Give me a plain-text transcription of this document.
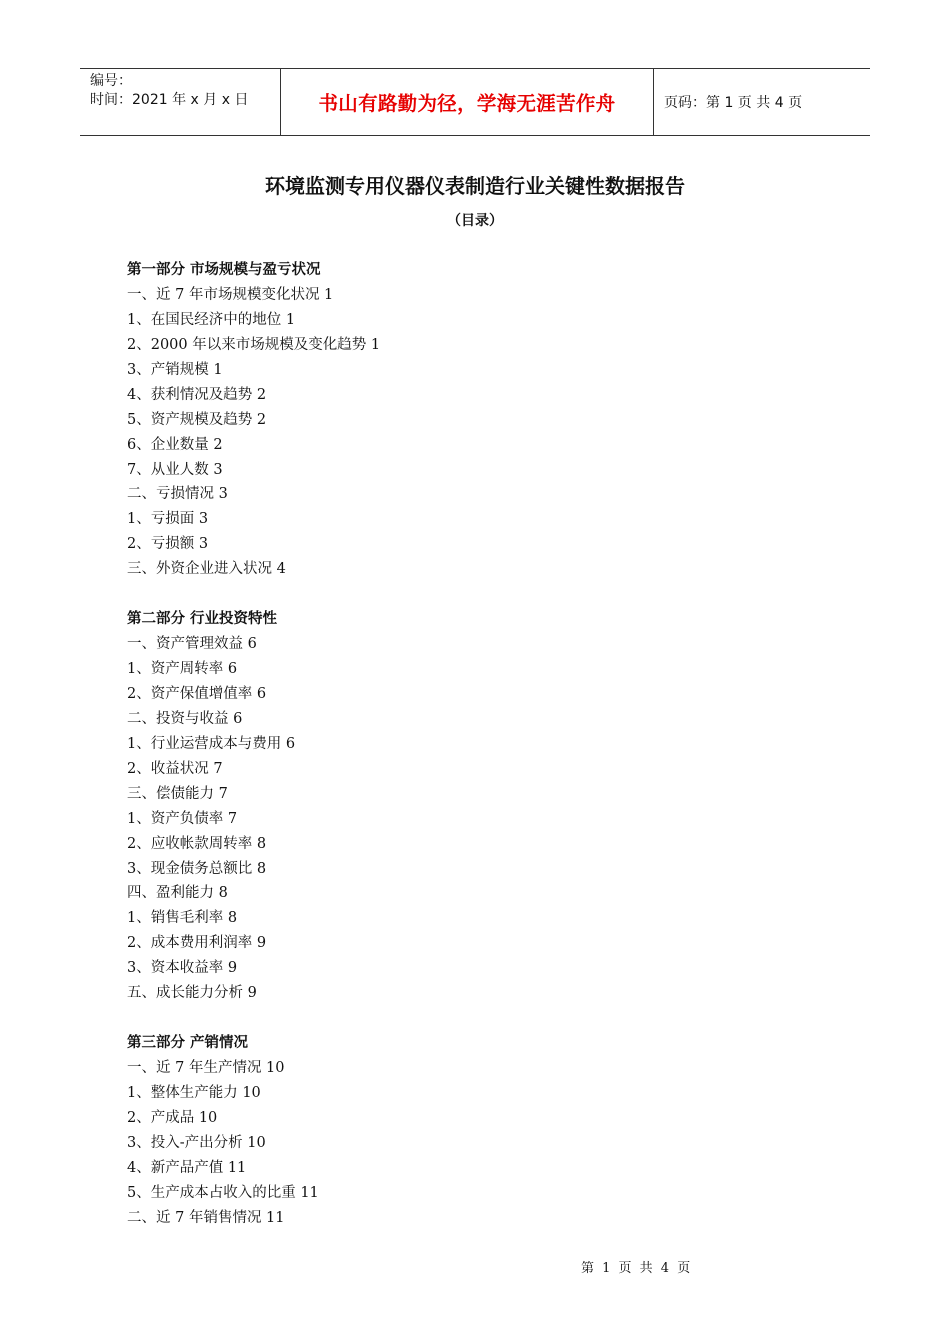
编号：
时间：2021 年 x 月 x 日	书山有路勤为径，学海无涯苦作舟	页码：第 1 页 共 4 页
环境监测专用仪器仪表制造行业关键性数据报告
（目录）
第一部分 市场规模与盈亏状况
一、近 7 年市场规模变化状况 1
1、在国民经济中的地位 1
2、2000 年以来市场规模及变化趋势 1
3、产销规模 1
4、获利情况及趋势 2
5、资产规模及趋势 2
6、企业数量 2
7、从业人数 3
二、亏损情况 3
1、亏损面 3
2、亏损额 3
三、外资企业进入状况 4
第二部分 行业投资特性
一、资产管理效益 6
1、资产周转率 6
2、资产保值增值率 6
二、投资与收益 6
1、行业运营成本与费用 6
2、收益状况 7
三、偿债能力 7
1、资产负债率 7
2、应收帐款周转率 8
3、现金债务总额比 8
四、盈利能力 8
1、销售毛利率 8
2、成本费用利润率 9
3、资本收益率 9
五、成长能力分析 9
第三部分 产销情况
一、近 7 年生产情况 10
1、整体生产能力 10
2、产成品 10
3、投入-产出分析 10
4、新产品产值 11
5、生产成本占收入的比重 11
二、近 7 年销售情况 11
第 1 页 共 4 页
